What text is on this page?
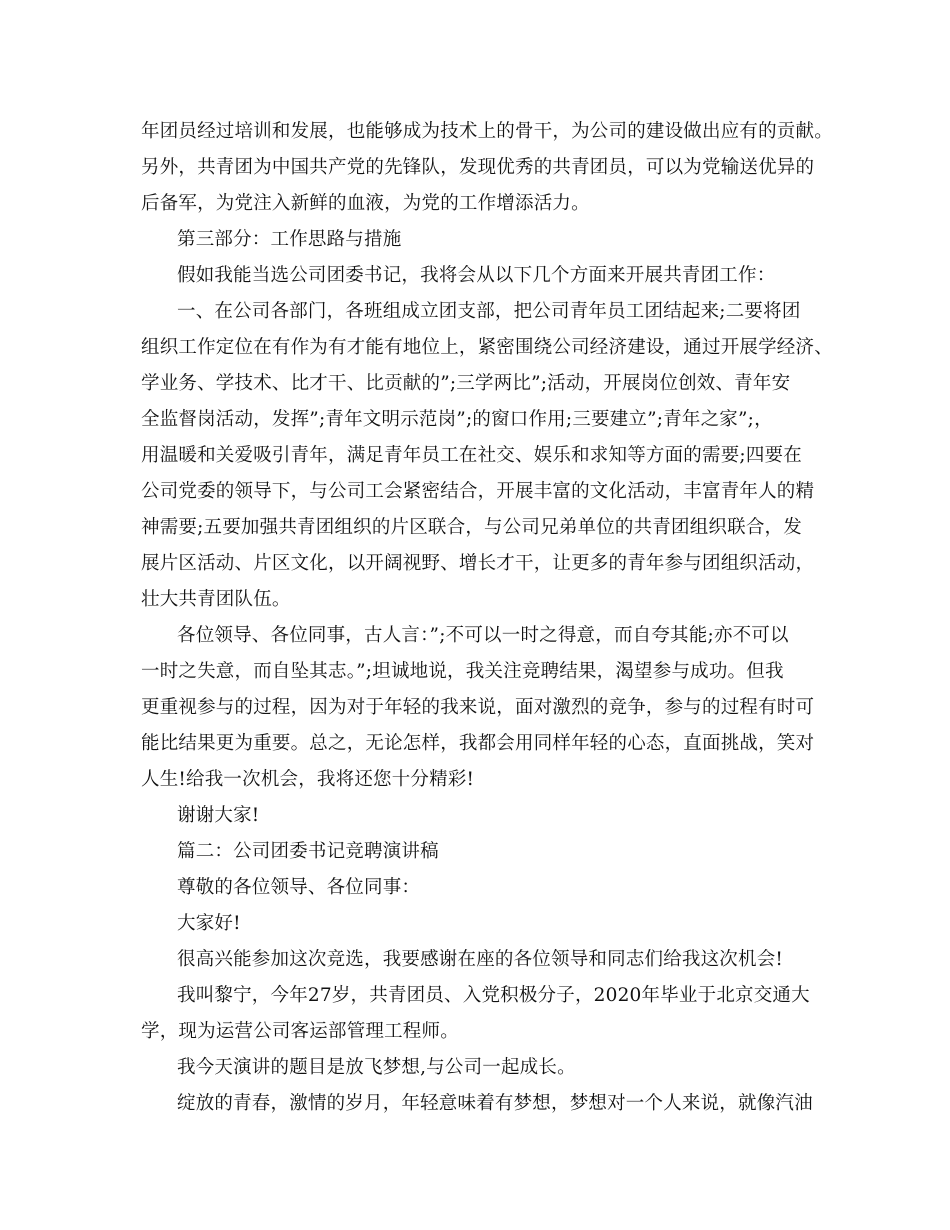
年团员经过培训和发展，也能够成为技术上的骨干，为公司的建设做出应有的贡献。
另外，共青团为中国共产党的先锋队，发现优秀的共青团员，可以为党输送优异的
后备军，为党注入新鲜的血液，为党的工作增添活力。
第三部分：工作思路与措施
假如我能当选公司团委书记，我将会从以下几个方面来开展共青团工作：
一、在公司各部门，各班组成立团支部，把公司青年员工团结起来;二要将团
组织工作定位在有作为有才能有地位上，紧密围绕公司经济建设，通过开展学经济、
学业务、学技术、比才干、比贡献的”;三学两比”;活动，开展岗位创效、青年安
全监督岗活动，发挥”;青年文明示范岗”;的窗口作用;三要建立”;青年之家”;，
用温暖和关爱吸引青年，满足青年员工在社交、娱乐和求知等方面的需要;四要在
公司党委的领导下，与公司工会紧密结合，开展丰富的文化活动，丰富青年人的精
神需要;五要加强共青团组织的片区联合，与公司兄弟单位的共青团组织联合，发
展片区活动、片区文化，以开阔视野、增长才干，让更多的青年参与团组织活动，
壮大共青团队伍。
各位领导、各位同事，古人言：”;不可以一时之得意，而自夸其能;亦不可以
一时之失意，而自坠其志。”;坦诚地说，我关注竞聘结果，渴望参与成功。但我
更重视参与的过程，因为对于年轻的我来说，面对激烈的竞争，参与的过程有时可
能比结果更为重要。总之，无论怎样，我都会用同样年轻的心态，直面挑战，笑对
人生!给我一次机会，我将还您十分精彩!
谢谢大家!
篇二：公司团委书记竞聘演讲稿
尊敬的各位领导、各位同事：
大家好!
很高兴能参加这次竞选，我要感谢在座的各位领导和同志们给我这次机会!
我叫黎宁，今年27岁，共青团员、入党积极分子，2020年毕业于北京交通大
学，现为运营公司客运部管理工程师。
我今天演讲的题目是放飞梦想,与公司一起成长。
绽放的青春，激情的岁月，年轻意味着有梦想，梦想对一个人来说，就像汽油
